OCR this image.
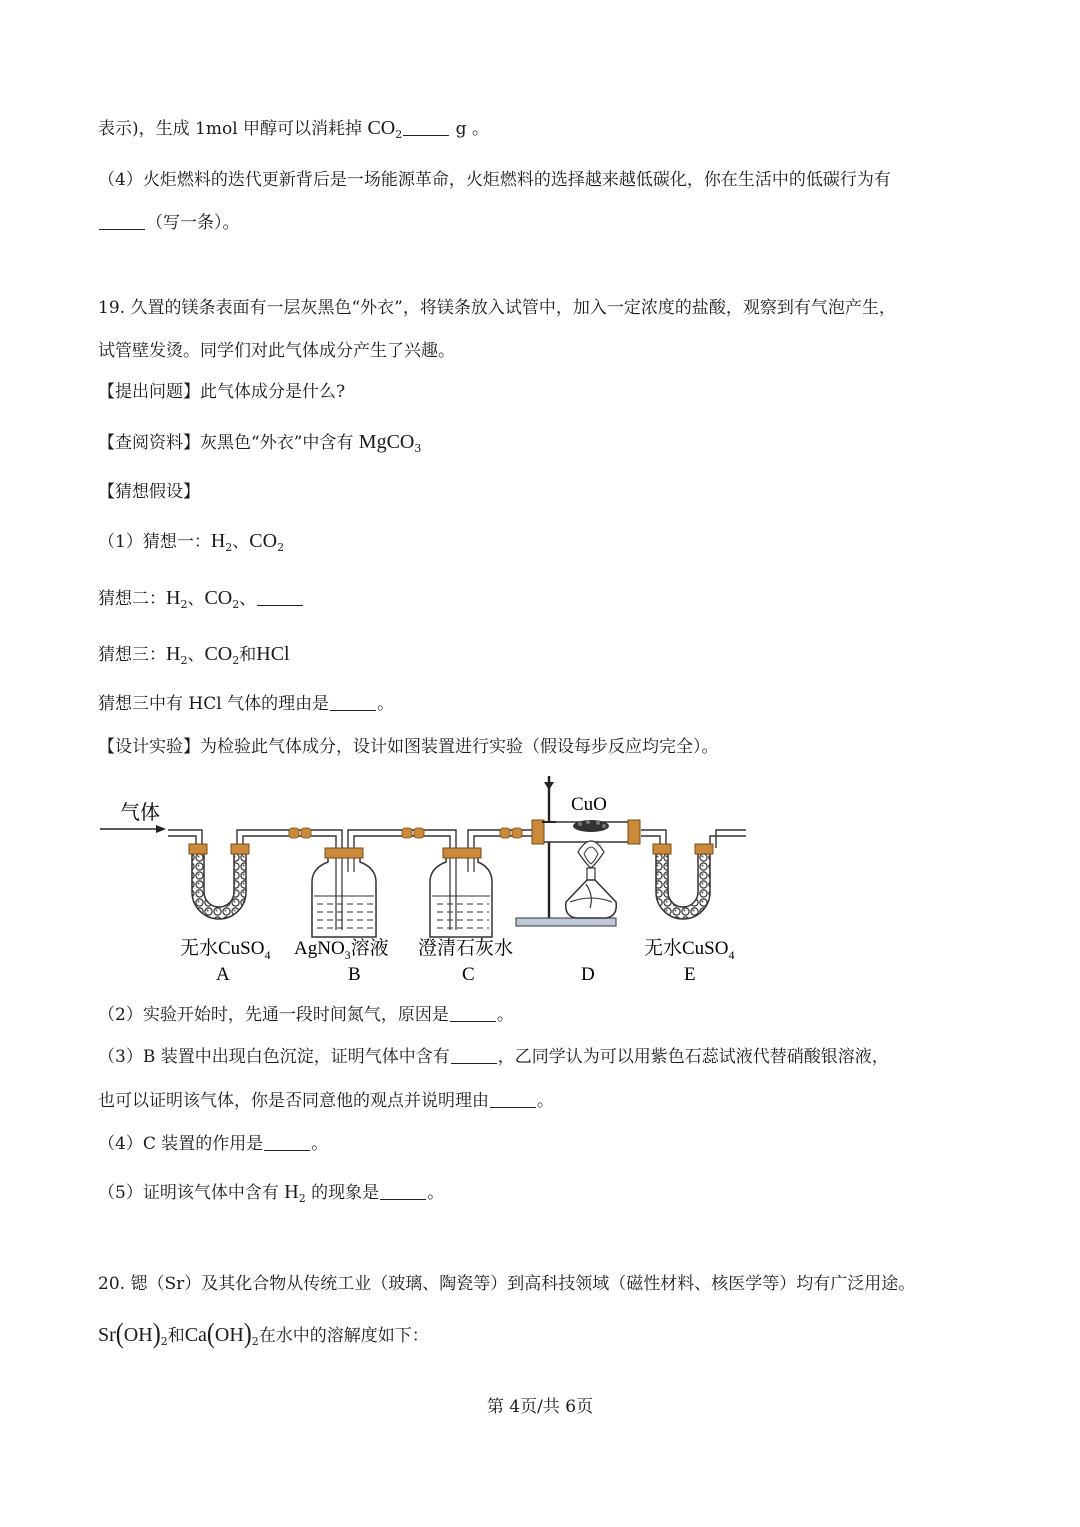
表示)，生成 1mol 甲醇可以消耗掉 $CO_2$	g 。
（4）火炬燃料的迭代更新背后是一场能源革命，火炬燃料的选择越来越低碳化，你在生活中的低碳行为有
（写一条）。
19. 久置的镁条表面有一层灰黑色“外衣”，将镁条放入试管中，加入一定浓度的盐酸，观察到有气泡产生，
试管壁发烫。同学们对此气体成分产生了兴趣。
【提出问题】此气体成分是什么?
【查阅资料】灰黑色“外衣”中含有 MgCO$_3$
【猜想假设】
（1）猜想一：$H_2$、$CO_2$
猜想二：$H_2$、$CO_2$、
猜想三：$H_2$、$CO_2$和HCl
猜想三中有 HCl 气体的理由是	。
【设计实验】为检验此气体成分，设计如图装置进行实验（假设每步反应均完全）。
气体	CuO
无水CuSO$_4$ AgNO$_3$溶液 澄清石灰水	无水CuSO$_4$
A	B	C	D	E
（2）实验开始时，先通一段时间氮气，原因是	。
（3）B 装置中出现白色沉淀，证明气体中含有	，乙同学认为可以用紫色石蕊试液代替硝酸银溶液，
也可以证明该气体，你是否同意他的观点并说明理由	。
（4）C 装置的作用是	。
（5）证明该气体中含有 $H_2$ 的现象是	。
20. 锶（Sr）及其化合物从传统工业（玻璃、陶瓷等）到高科技领域（磁性材料、核医学等）均有广泛用途。
$Sr(OH)_2$和$Ca(OH)_2$在水中的溶解度如下：
第 4页/共 6页
